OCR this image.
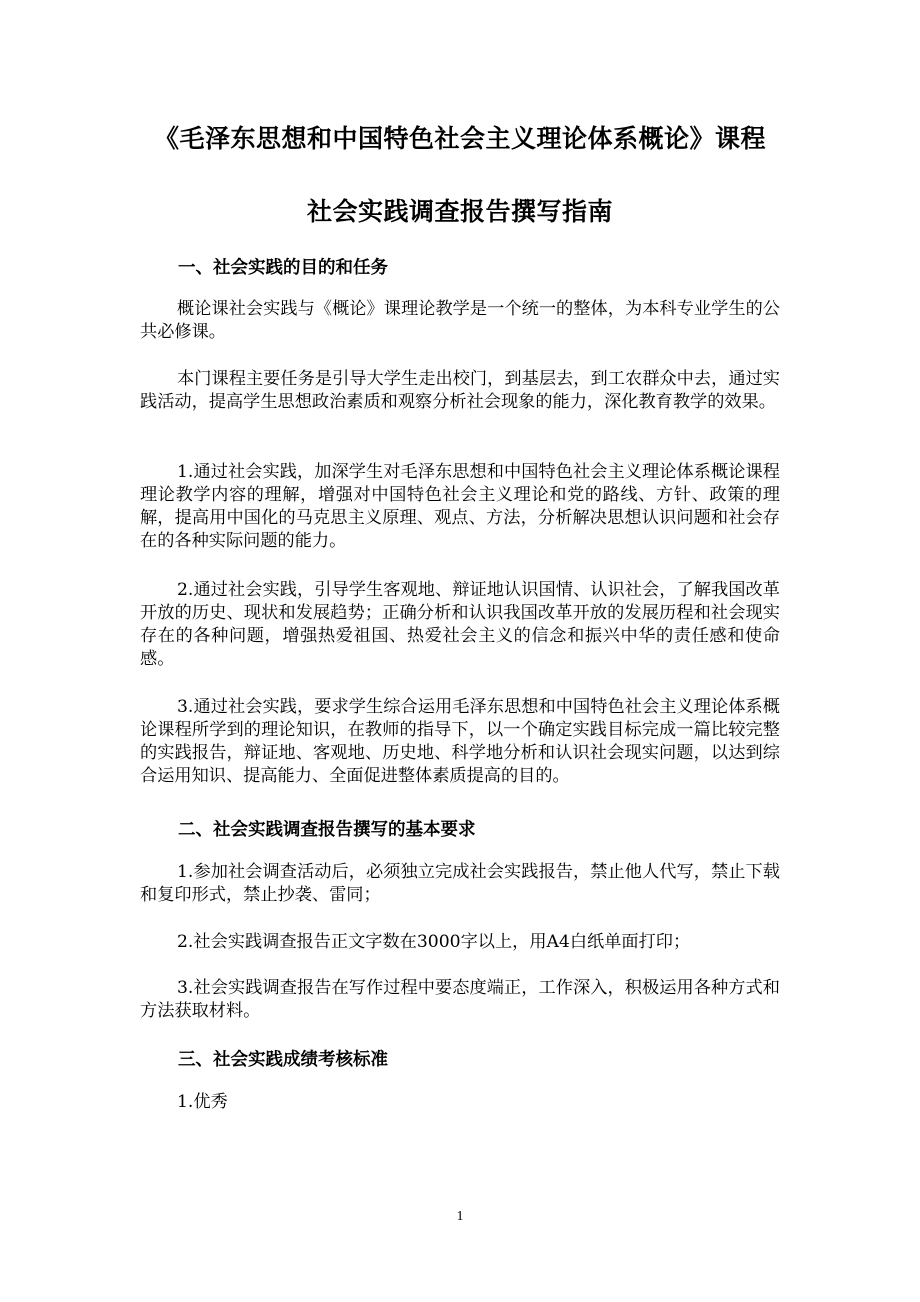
《毛泽东思想和中国特色社会主义理论体系概论》课程
社会实践调查报告撰写指南
一、社会实践的目的和任务

概论课社会实践与《概论》课理论教学是一个统一的整体，为本科专业学生的公共必修课。

本门课程主要任务是引导大学生走出校门，到基层去，到工农群众中去，通过实践活动，提高学生思想政治素质和观察分析社会现象的能力，深化教育教学的效果。

1.通过社会实践，加深学生对毛泽东思想和中国特色社会主义理论体系概论课程理论教学内容的理解，增强对中国特色社会主义理论和党的路线、方针、政策的理解，提高用中国化的马克思主义原理、观点、方法，分析解决思想认识问题和社会存在的各种实际问题的能力。

2.通过社会实践，引导学生客观地、辩证地认识国情、认识社会，了解我国改革开放的历史、现状和发展趋势；正确分析和认识我国改革开放的发展历程和社会现实存在的各种问题，增强热爱祖国、热爱社会主义的信念和振兴中华的责任感和使命感。

3.通过社会实践，要求学生综合运用毛泽东思想和中国特色社会主义理论体系概论课程所学到的理论知识，在教师的指导下，以一个确定实践目标完成一篇比较完整的实践报告，辩证地、客观地、历史地、科学地分析和认识社会现实问题，以达到综合运用知识、提高能力、全面促进整体素质提高的目的。

二、社会实践调查报告撰写的基本要求

1.参加社会调查活动后，必须独立完成社会实践报告，禁止他人代写，禁止下载和复印形式，禁止抄袭、雷同；

2.社会实践调查报告正文字数在3000字以上，用A4白纸单面打印；

3.社会实践调查报告在写作过程中要态度端正，工作深入，积极运用各种方式和方法获取材料。

三、社会实践成绩考核标准

1.优秀

1
